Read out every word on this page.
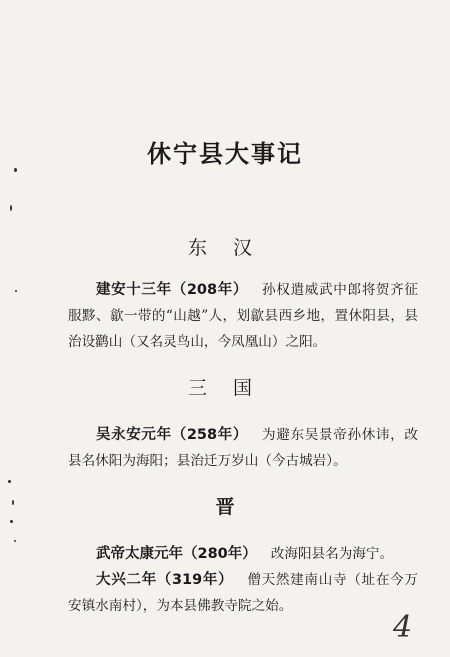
休宁县大事记
东 汉
建安十三年（208年） 孙权遣威武中郎将贺齐征服黟、歙一带的“山越”人，划歙县西乡地，置休阳县，县治设鹳山（又名灵鸟山，今凤凰山）之阳。
三 国
吴永安元年（258年） 为避东吴景帝孙休讳，改县名休阳为海阳；县治迁万岁山（今古城岩）。
晋
武帝太康元年（280年） 改海阳县名为海宁。
大兴二年（319年） 僧天然建南山寺（址在今万安镇水南村），为本县佛教寺院之始。
4
